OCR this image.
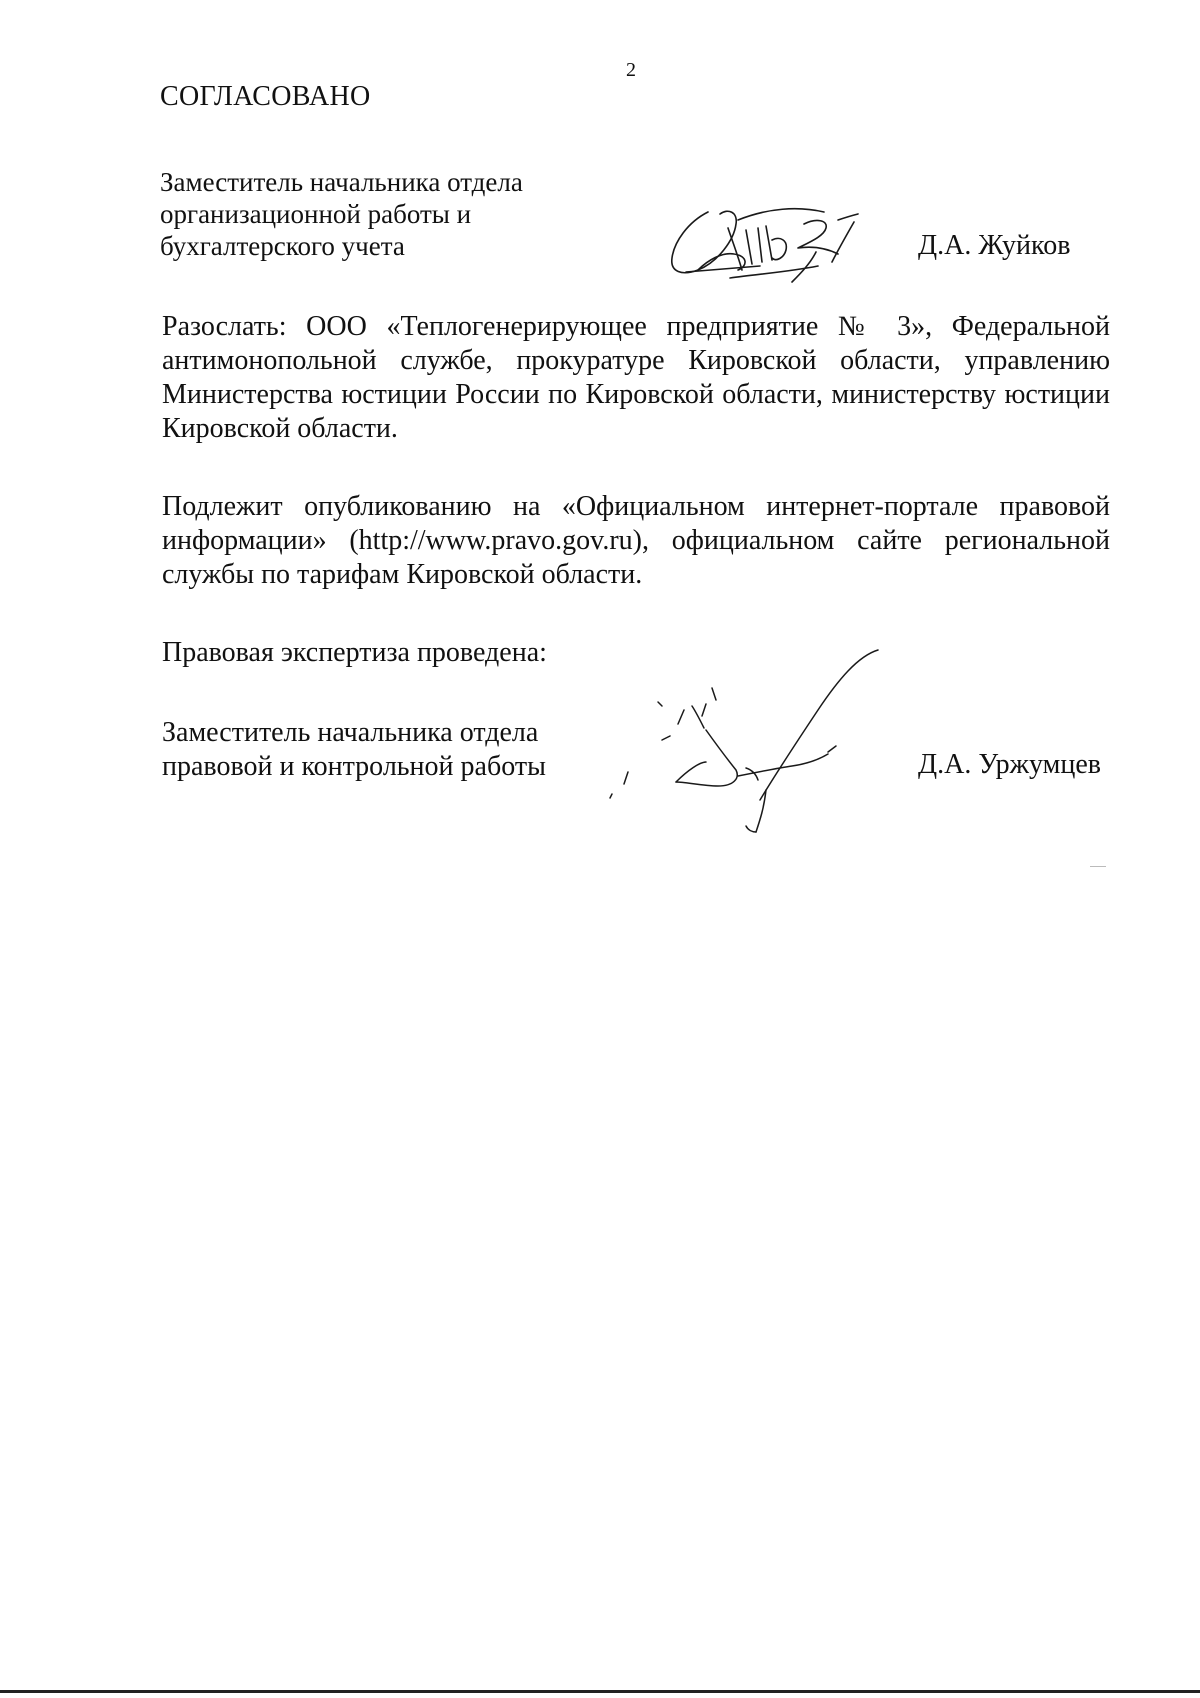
2
СОГЛАСОВАНО
Заместитель начальника отдела
организационной работы и
бухгалтерского учета	Д.А. Жуйков
Разослать: ООО «Теплогенерирующее предприятие № 3», Федеральной антимонопольной службе, прокуратуре Кировской области, управлению Министерства юстиции России по Кировской области, министерству юстиции Кировской области.
Подлежит опубликованию на «Официальном интернет-портале правовой информации» (http://www.pravo.gov.ru), официальном сайте региональной службы по тарифам Кировской области.
Правовая экспертиза проведена:
Заместитель начальника отдела
правовой и контрольной работы	Д.А. Уржумцев
